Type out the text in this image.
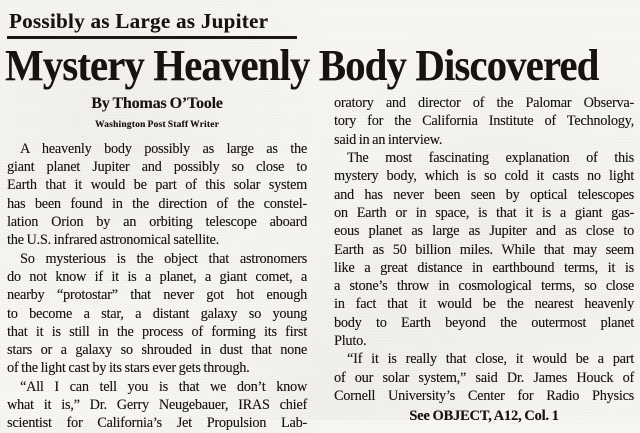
Possibly as Large as Jupiter
Mystery Heavenly Body Discovered
By Thomas O’Toole
Washington Post Staff Writer
A heavenly body possibly as large as the
giant planet Jupiter and possibly so close to
Earth that it would be part of this solar system
has been found in the direction of the constel-
lation Orion by an orbiting telescope aboard
the U.S. infrared astronomical satellite.
So mysterious is the object that astronomers
do not know if it is a planet, a giant comet, a
nearby “protostar” that never got hot enough
to become a star, a distant galaxy so young
that it is still in the process of forming its first
stars or a galaxy so shrouded in dust that none
of the light cast by its stars ever gets through.
“All I can tell you is that we don’t know
what it is,” Dr. Gerry Neugebauer, IRAS chief
scientist for California’s Jet Propulsion Lab-
oratory and director of the Palomar Observa-
tory for the California Institute of Technology,
said in an interview.
The most fascinating explanation of this
mystery body, which is so cold it casts no light
and has never been seen by optical telescopes
on Earth or in space, is that it is a giant gas-
eous planet as large as Jupiter and as close to
Earth as 50 billion miles. While that may seem
like a great distance in earthbound terms, it is
a stone’s throw in cosmological terms, so close
in fact that it would be the nearest heavenly
body to Earth beyond the outermost planet
Pluto.
“If it is really that close, it would be a part
of our solar system,” said Dr. James Houck of
Cornell University’s Center for Radio Physics
See OBJECT, A12, Col. 1
